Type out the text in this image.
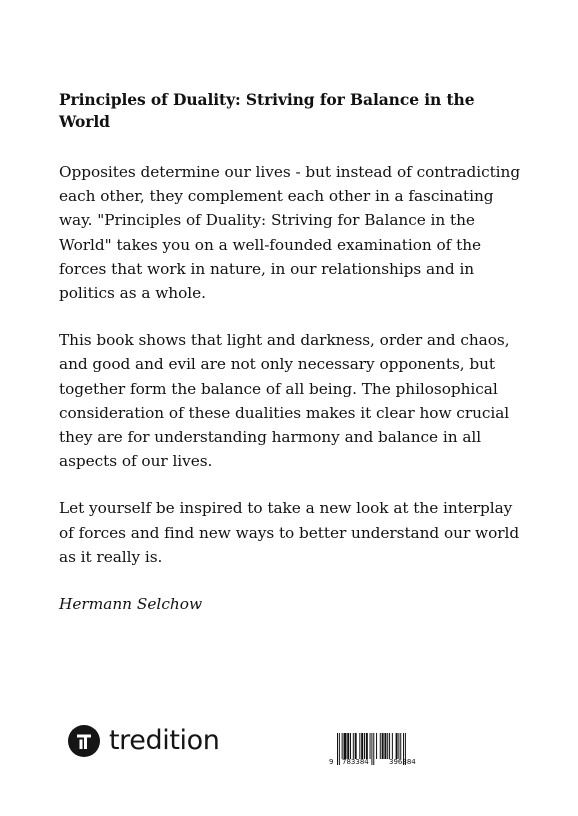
Principles of Duality: Striving for Balance in the World

Opposites determine our lives - but instead of contradicting each other, they complement each other in a fascinating way. "Principles of Duality: Striving for Balance in the World" takes you on a well-founded examination of the forces that work in nature, in our relationships and in politics as a whole.

This book shows that light and darkness, order and chaos, and good and evil are not only necessary opponents, but together form the balance of all being. The philosophical consideration of these dualities makes it clear how crucial they are for understanding harmony and balance in all aspects of our lives.

Let yourself be inspired to take a new look at the interplay of forces and find new ways to better understand our world as it really is.

Hermann Selchow

tredition
9 783384	396884
